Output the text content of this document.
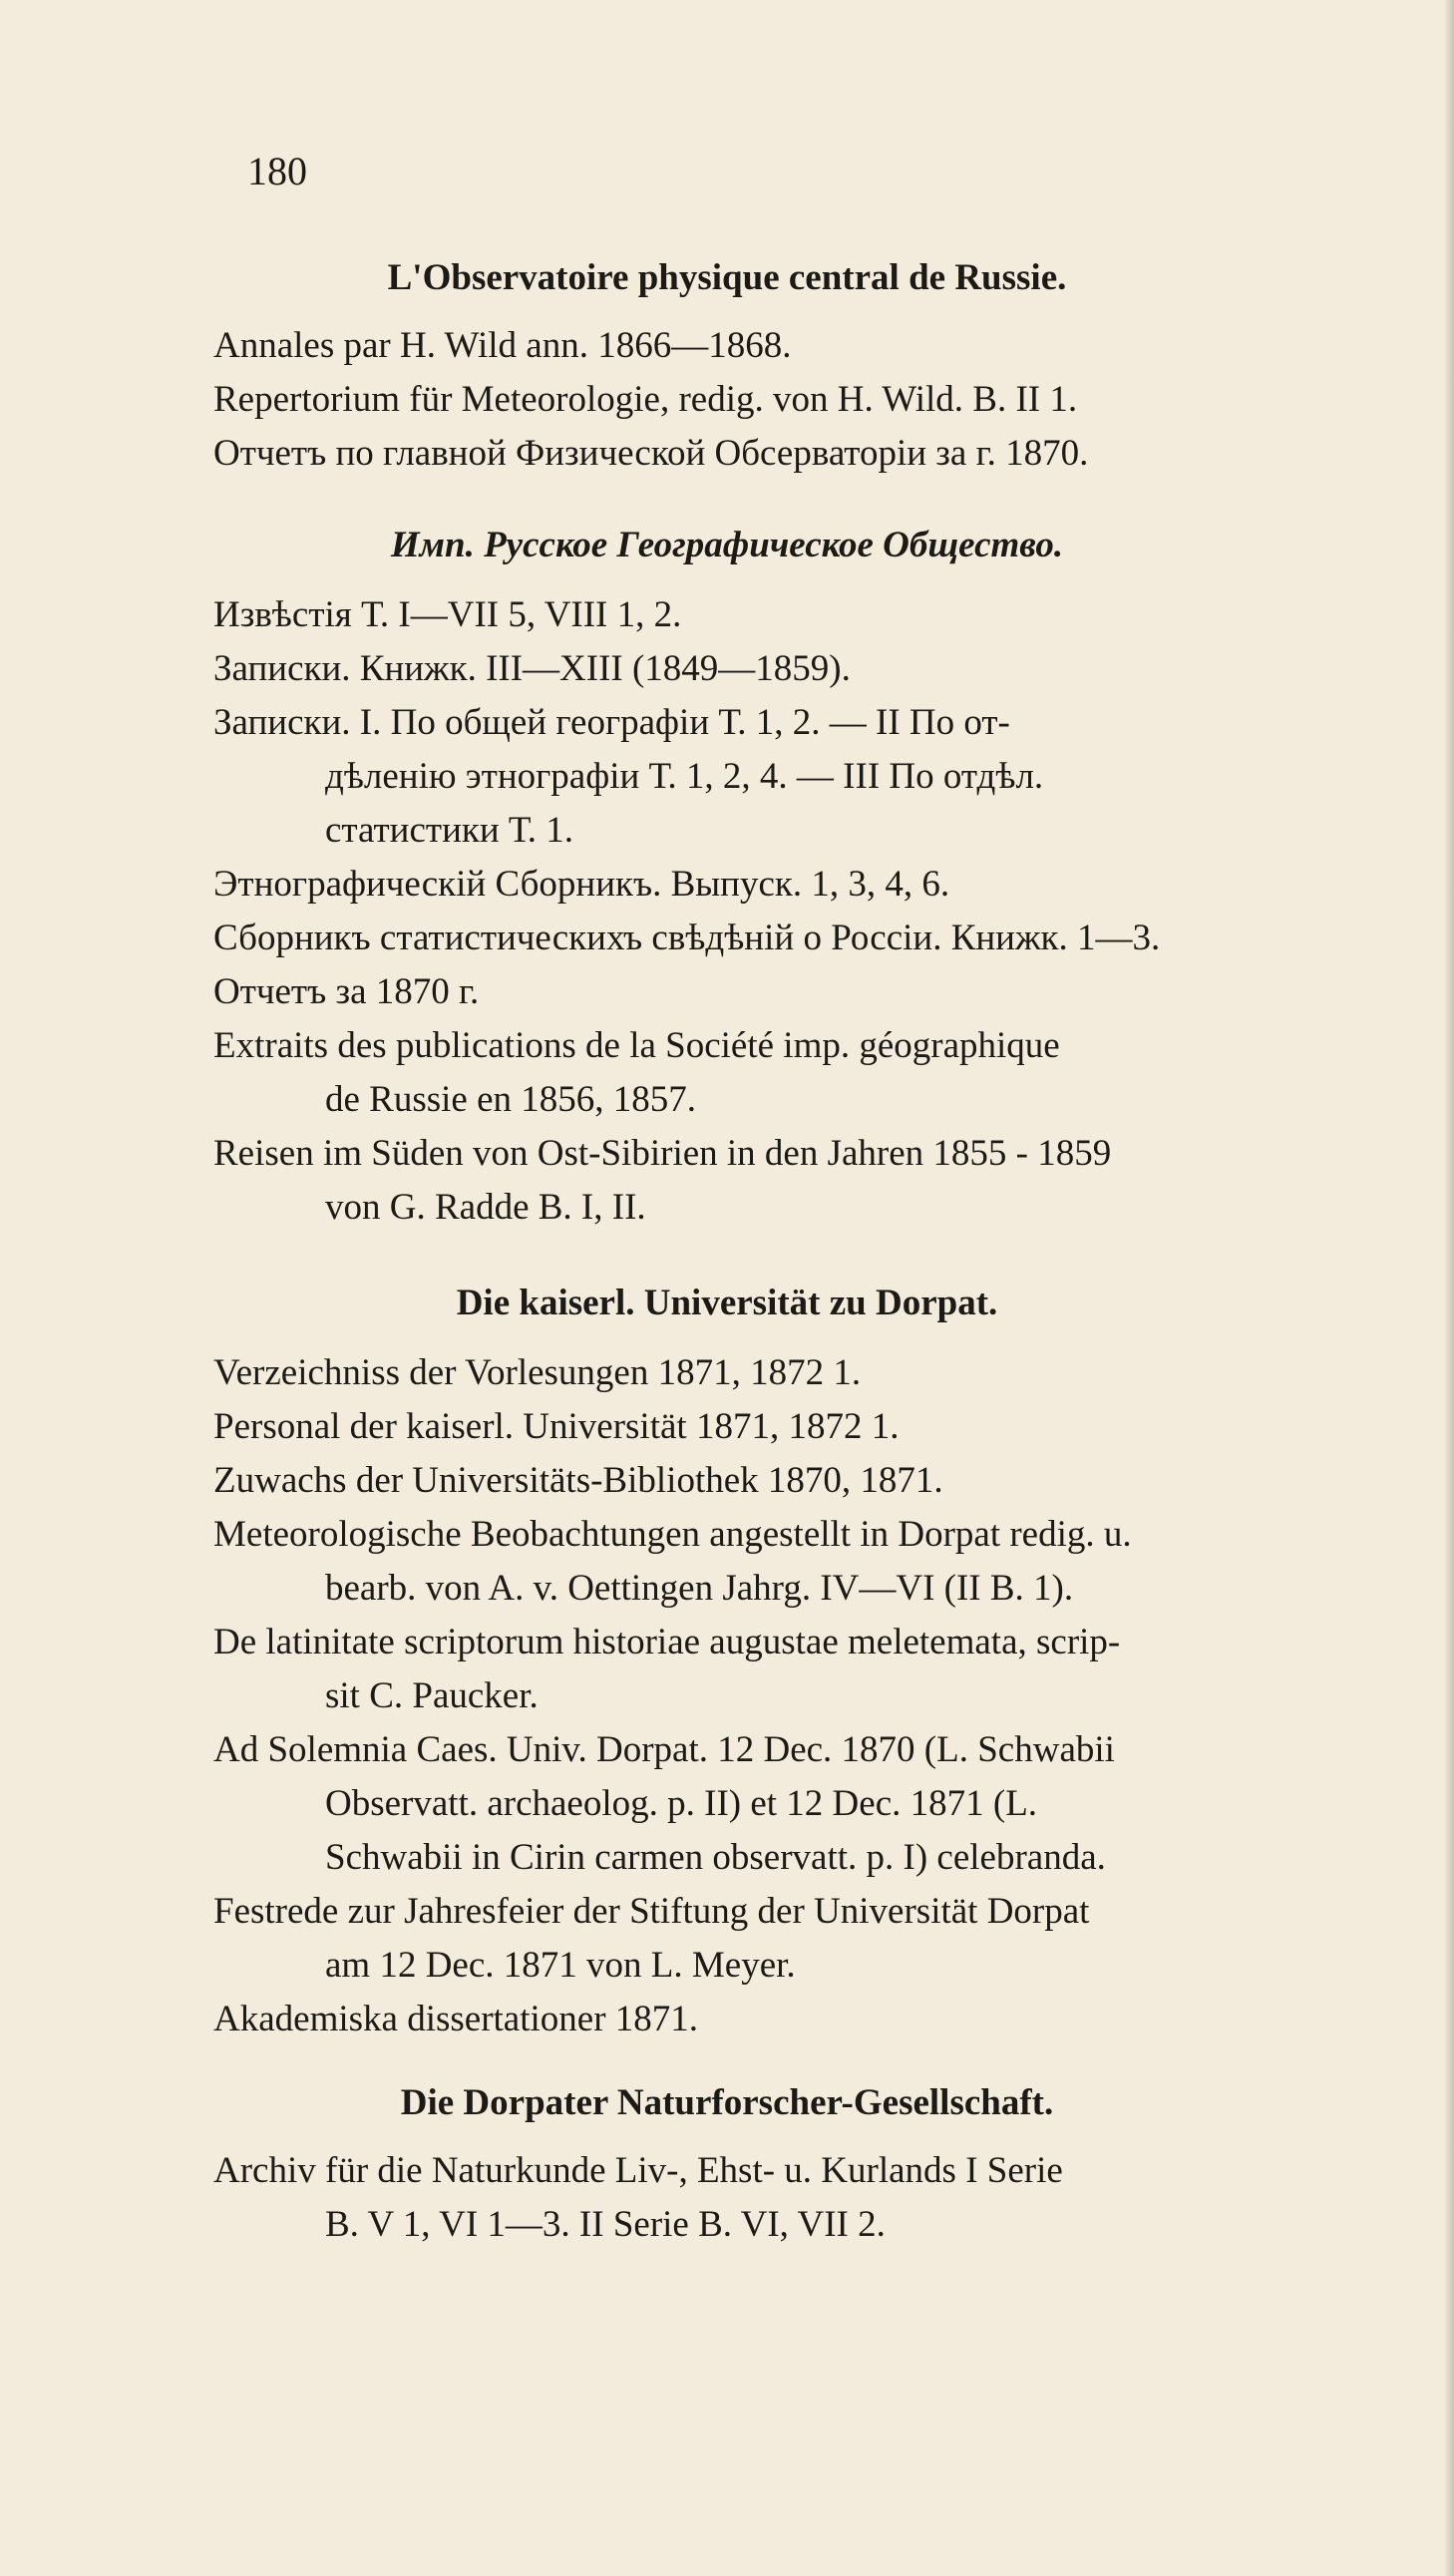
180
L'Observatoire physique central de Russie.
Annales par H. Wild ann. 1866—1868.
Repertorium für Meteorologie, redig. von H. Wild. B. II 1.
Отчетъ по главной Физической Обсерваторіи за г. 1870.
Имп. Русское Географическое Общество.
Извѣстія Т. I—VII 5, VIII 1, 2.
Записки. Книжк. III—XIII (1849—1859).
Записки. I. По общей географіи Т. 1, 2. — II По от-
дѣленію этнографіи Т. 1, 2, 4. — III По отдѣл.
статистики Т. 1.
Этнографическій Сборникъ. Выпуск. 1, 3, 4, 6.
Сборникъ статистическихъ свѣдѣній о Россіи. Книжк. 1—3.
Отчетъ за 1870 г.
Extraits des publications de la Société imp. géographique
de Russie en 1856, 1857.
Reisen im Süden von Ost-Sibirien in den Jahren 1855 - 1859
von G. Radde B. I, II.
Die kaiserl. Universität zu Dorpat.
Verzeichniss der Vorlesungen 1871, 1872 1.
Personal der kaiserl. Universität 1871, 1872 1.
Zuwachs der Universitäts-Bibliothek 1870, 1871.
Meteorologische Beobachtungen angestellt in Dorpat redig. u.
bearb. von A. v. Oettingen Jahrg. IV—VI (II B. 1).
De latinitate scriptorum historiae augustae meletemata, scrip-
sit C. Paucker.
Ad Solemnia Caes. Univ. Dorpat. 12 Dec. 1870 (L. Schwabii
Observatt. archaeolog. p. II) et 12 Dec. 1871 (L.
Schwabii in Cirin carmen observatt. p. I) celebranda.
Festrede zur Jahresfeier der Stiftung der Universität Dorpat
am 12 Dec. 1871 von L. Meyer.
Akademiska dissertationer 1871.
Die Dorpater Naturforscher-Gesellschaft.
Archiv für die Naturkunde Liv-, Ehst- u. Kurlands I Serie
B. V 1, VI 1—3. II Serie B. VI, VII 2.
